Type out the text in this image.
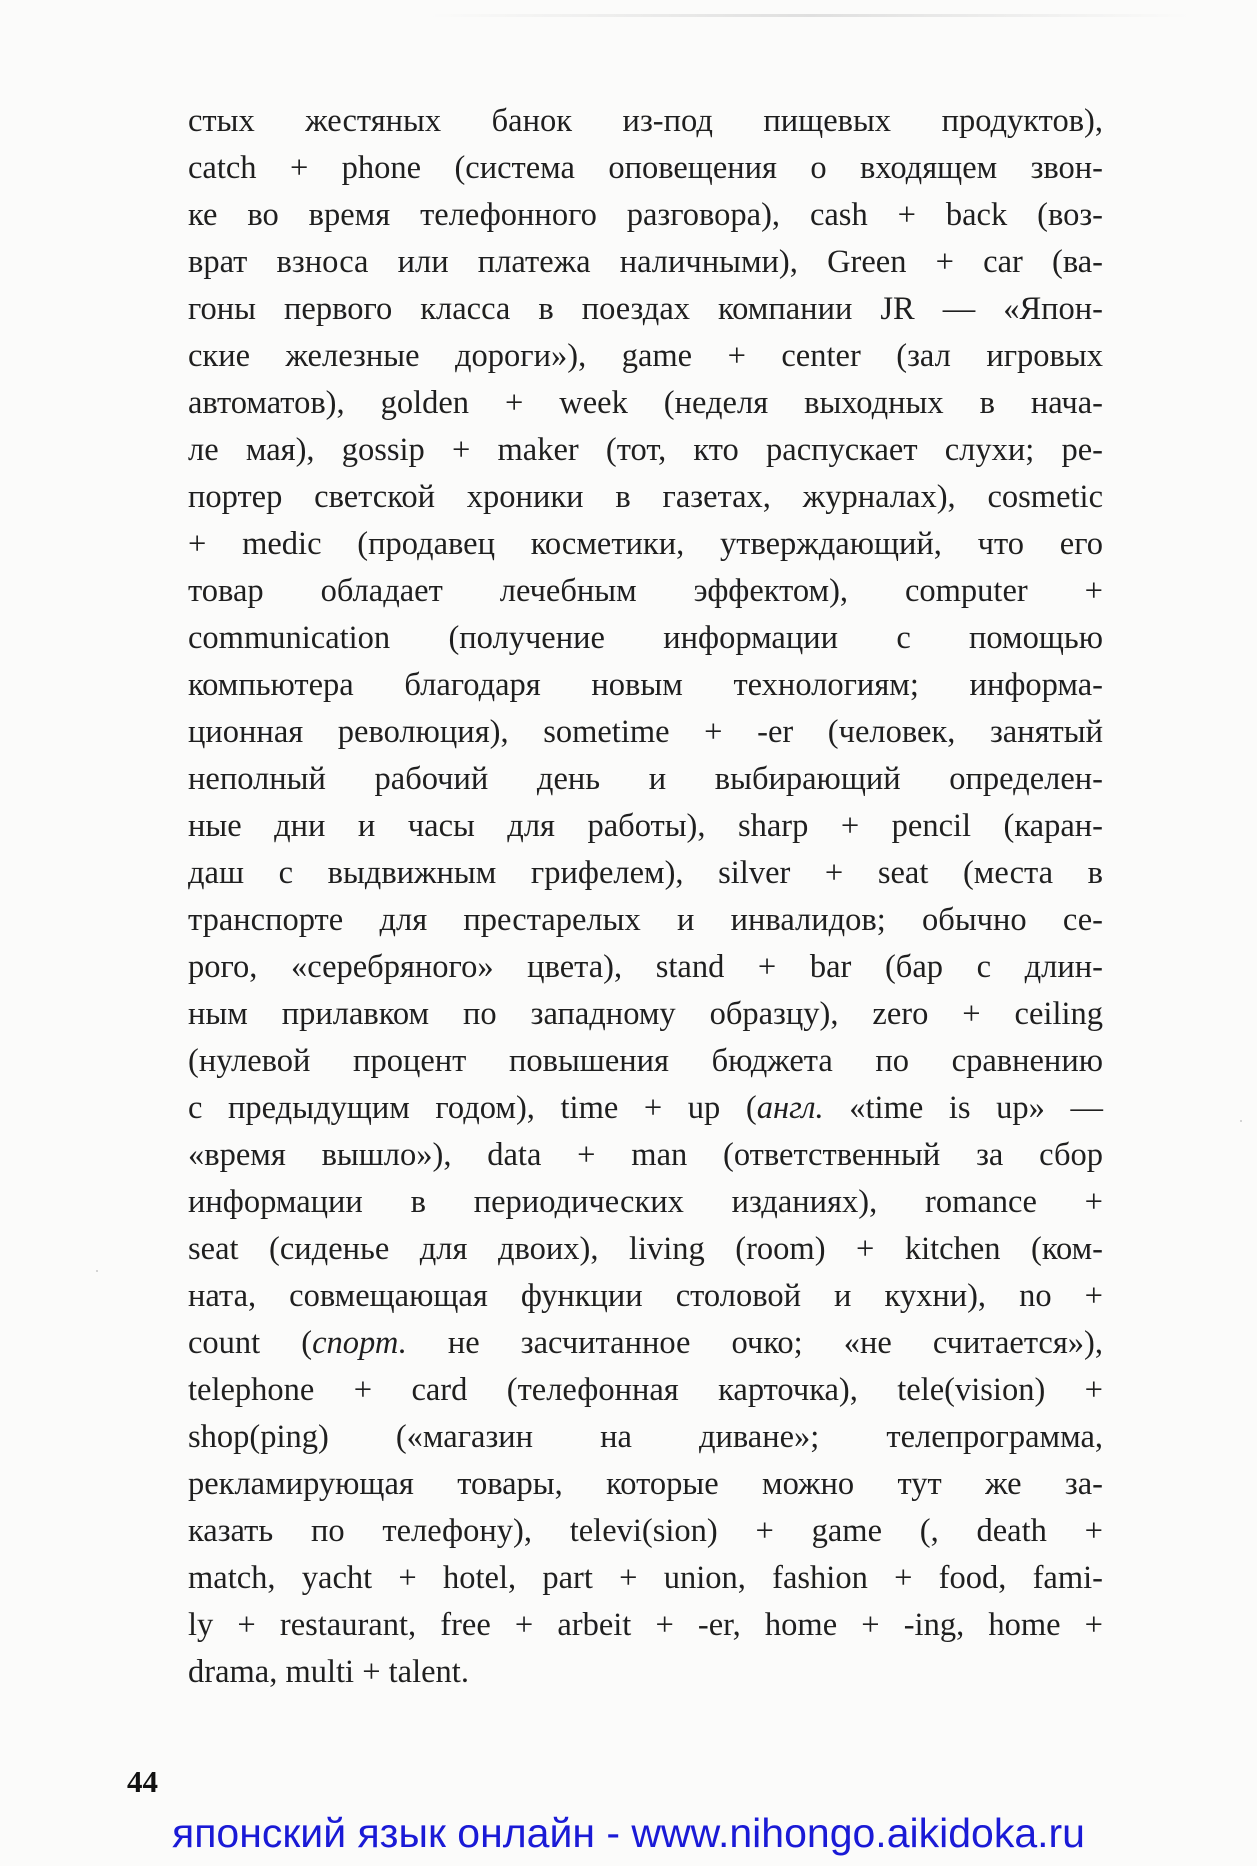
стых жестяных банок из-под пищевых продуктов),
catch + phone (система оповещения о входящем звон-
ке во время телефонного разговора), cash + back (воз-
врат взноса или платежа наличными), Green + car (ва-
гоны первого класса в поездах компании JR — «Япон-
ские железные дороги»), game + center (зал игровых
автоматов), golden + week (неделя выходных в нача-
ле мая), gossip + maker (тот, кто распускает слухи; ре-
портер светской хроники в газетах, журналах), cosmetic
+ medic (продавец косметики, утверждающий, что его
товар обладает лечебным эффектом), computer +
communication (получение информации с помощью
компьютера благодаря новым технологиям; информа-
ционная революция), sometime + -er (человек, занятый
неполный рабочий день и выбирающий определен-
ные дни и часы для работы), sharp + pencil (каран-
даш с выдвижным грифелем), silver + seat (места в
транспорте для престарелых и инвалидов; обычно се-
рого, «серебряного» цвета), stand + bar (бар с длин-
ным прилавком по западному образцу), zero + ceiling
(нулевой процент повышения бюджета по сравнению
с предыдущим годом), time + up (англ. «time is up» —
«время вышло»), data + man (ответственный за сбор
информации в периодических изданиях), romance +
seat (сиденье для двоих), living (room) + kitchen (ком-
ната, совмещающая функции столовой и кухни), no +
count (спорт. не засчитанное очко; «не считается»),
telephone + card (телефонная карточка), tele(vision) +
shop(ping) («магазин на диване»; телепрограмма,
рекламирующая товары, которые можно тут же за-
казать по телефону), televi(sion) + game (, death +
match, yacht + hotel, part + union, fashion + food, fami-
ly + restaurant, free + arbeit + -er, home + -ing, home +
drama, multi + talent.
44
японский язык онлайн - www.nihongo.aikidoka.ru
